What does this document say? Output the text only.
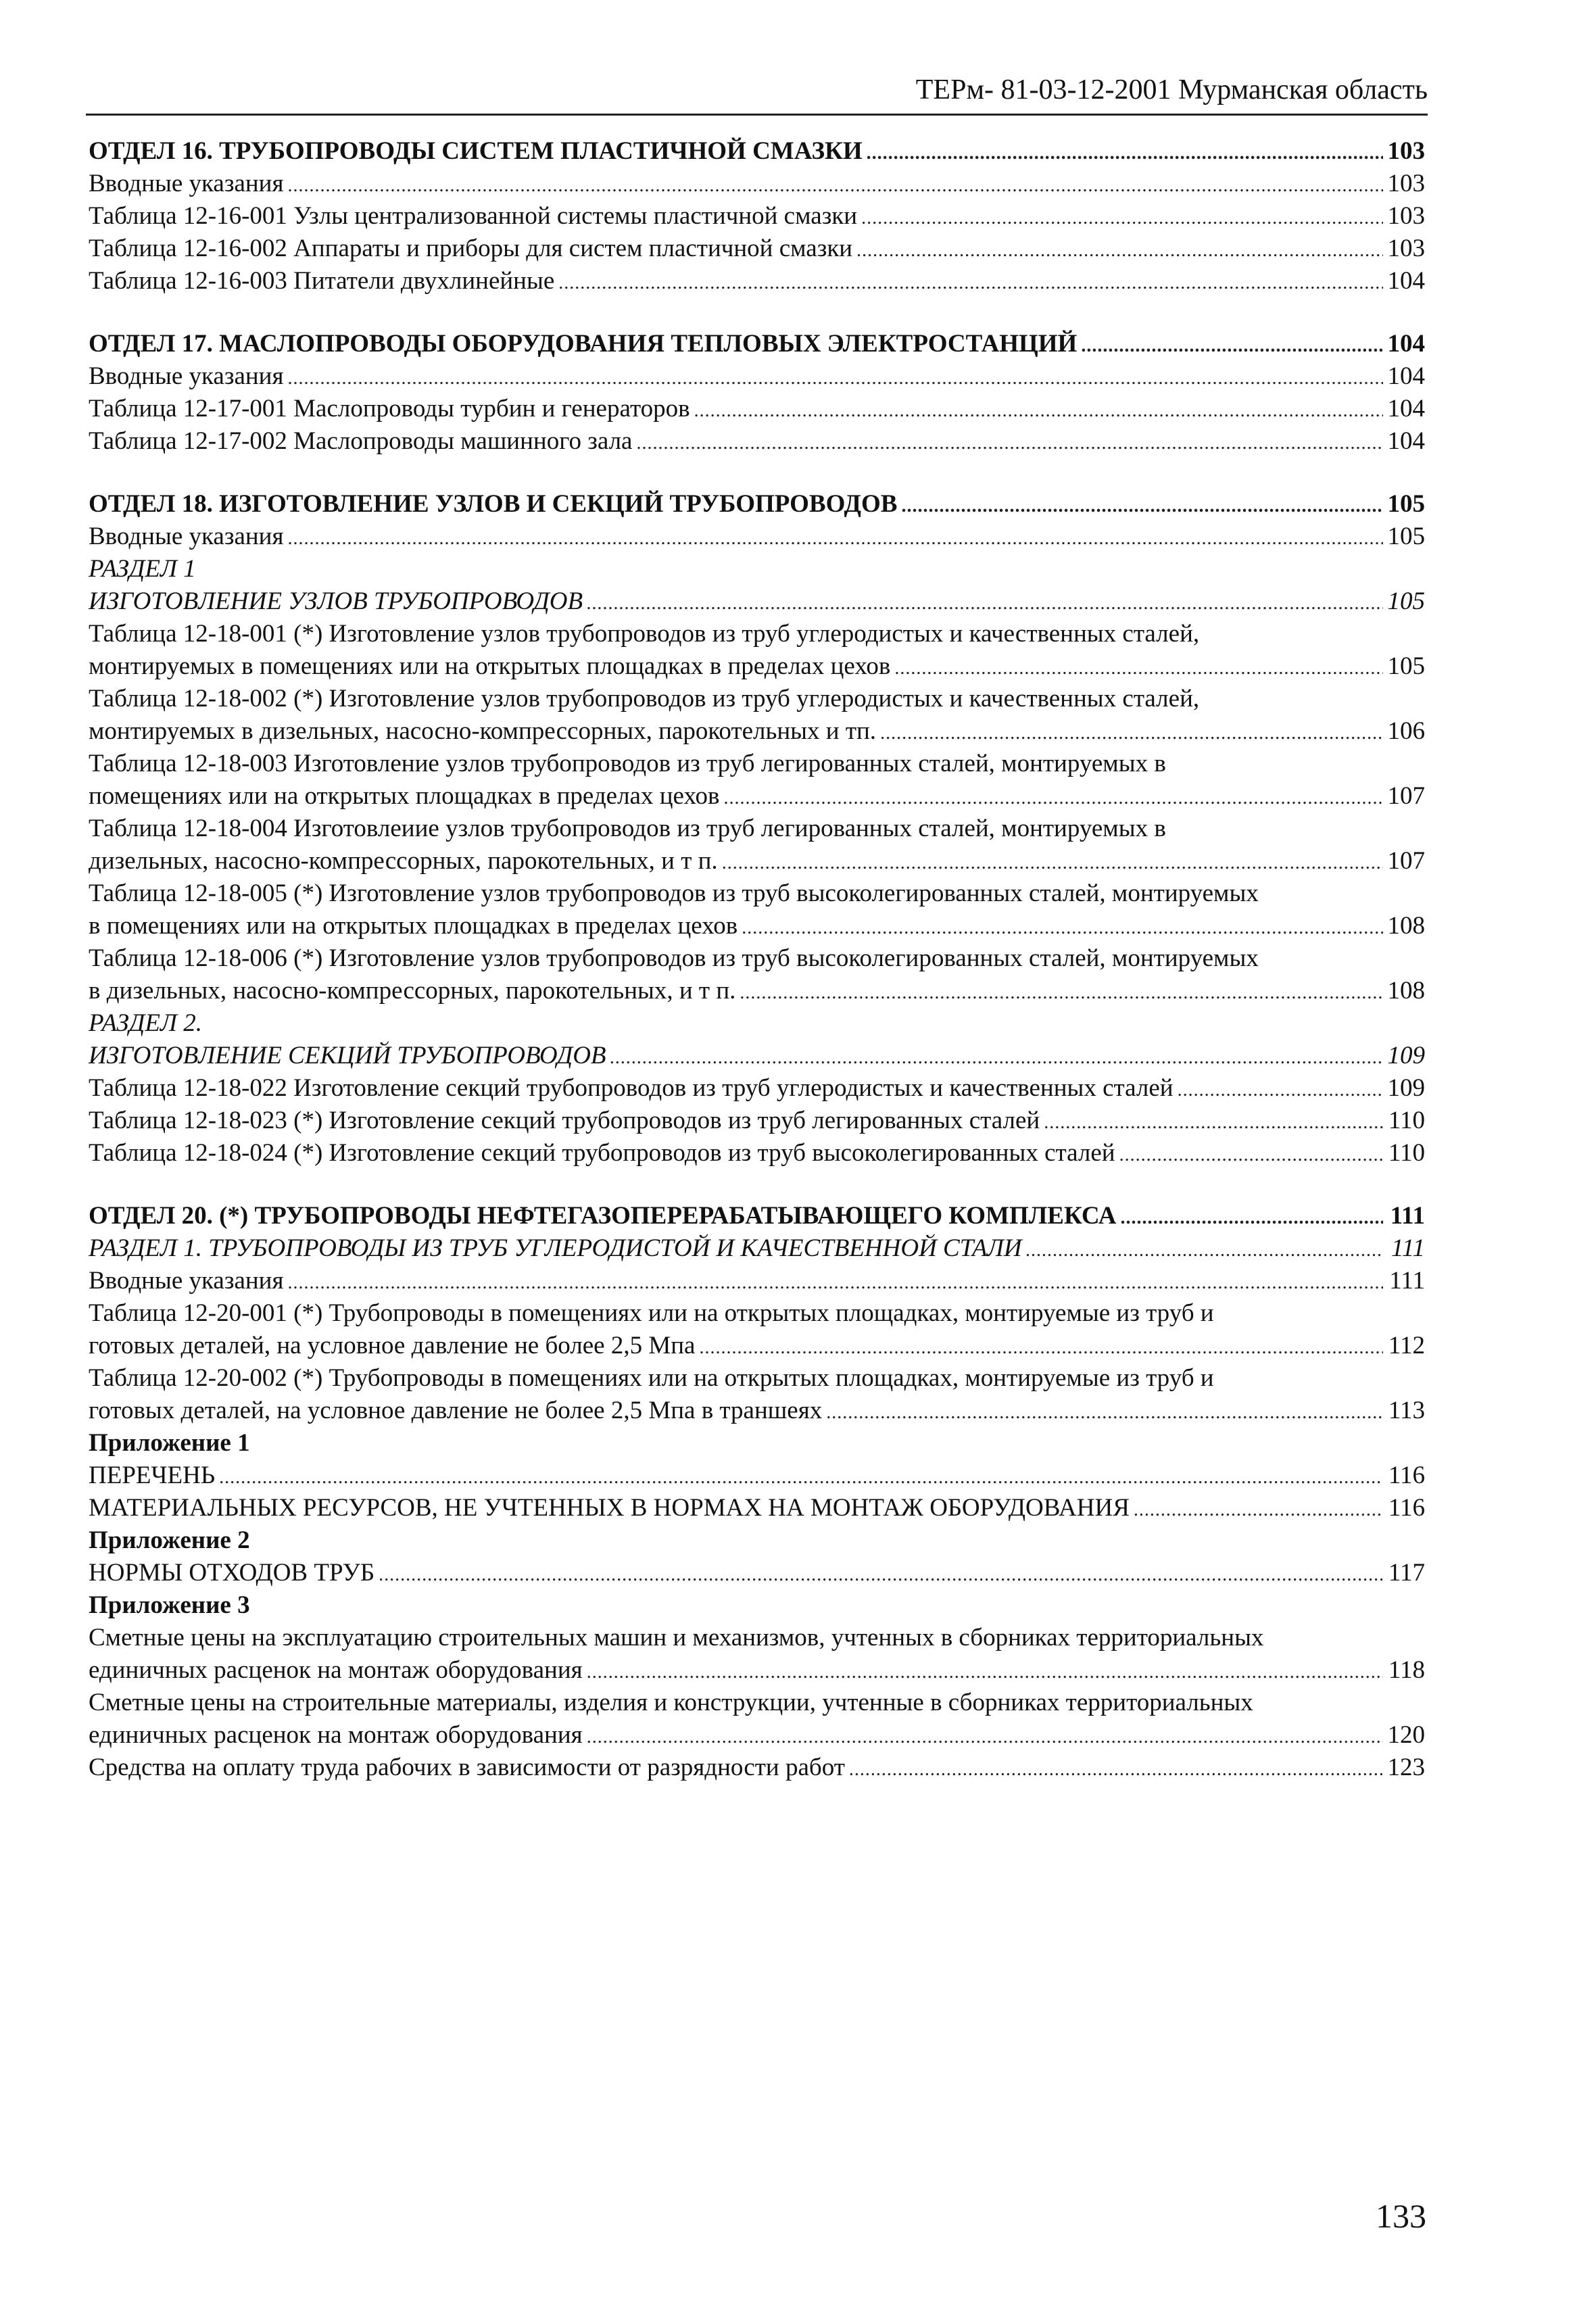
ТЕРм- 81-03-12-2001 Мурманская область
ОТДЕЛ 16. ТРУБОПРОВОДЫ СИСТЕМ ПЛАСТИЧНОЙ СМАЗКИ .....	103
Вводные указания .....	103
Таблица 12-16-001 Узлы централизованной системы пластичной смазки .....	103
Таблица 12-16-002 Аппараты и приборы для систем пластичной смазки .....	103
Таблица 12-16-003 Питатели двухлинейные .....	104
ОТДЕЛ 17. МАСЛОПРОВОДЫ ОБОРУДОВАНИЯ ТЕПЛОВЫХ ЭЛЕКТРОСТАНЦИЙ .....	104
Вводные указания .....	104
Таблица 12-17-001 Маслопроводы турбин и генераторов .....	104
Таблица 12-17-002 Маслопроводы машинного зала .....	104
ОТДЕЛ 18. ИЗГОТОВЛЕНИЕ УЗЛОВ И СЕКЦИЙ ТРУБОПРОВОДОВ .....	105
Вводные указания .....	105
РАЗДЕЛ 1
ИЗГОТОВЛЕНИЕ УЗЛОВ ТРУБОПРОВОДОВ .....	105
Таблица 12-18-001 (*) Изготовление узлов трубопроводов из труб углеродистых и качественных сталей,
монтируемых в помещениях или на открытых площадках в пределах цехов .....	105
Таблица 12-18-002 (*) Изготовление узлов трубопроводов из труб углеродистых и качественных сталей,
монтируемых в дизельных, насосно-компрессорных, парокотельных и тп. .....	106
Таблица 12-18-003 Изготовление узлов трубопроводов из труб легированных сталей, монтируемых в
помещениях или на открытых площадках в пределах цехов .....	107
Таблица 12-18-004 Изготовлеиие узлов трубопроводов из труб легированных сталей, монтируемых в
дизельных, насосно-компрессорных, парокотельных, и т п. .....	107
Таблица 12-18-005 (*) Изготовление узлов трубопроводов из труб высоколегированных сталей, монтируемых
в помещениях или на открытых площадках в пределах цехов .....	108
Таблица 12-18-006 (*) Изготовление узлов трубопроводов из труб высоколегированных сталей, монтируемых
в дизельных, насосно-компрессорных, парокотельных, и т п. .....	108
РАЗДЕЛ 2.
ИЗГОТОВЛЕНИЕ СЕКЦИЙ ТРУБОПРОВОДОВ .....	109
Таблица 12-18-022 Изготовление секций трубопроводов из труб углеродистых и качественных сталей .....	109
Таблица 12-18-023 (*) Изготовление секций трубопроводов из труб легированных сталей .....	110
Таблица 12-18-024 (*) Изготовление секций трубопроводов из труб высоколегированных сталей .....	110
ОТДЕЛ 20. (*) ТРУБОПРОВОДЫ НЕФТЕГАЗОПЕРЕРАБАТЫВАЮЩЕГО КОМПЛЕКСА .....	111
РАЗДЕЛ 1. ТРУБОПРОВОДЫ ИЗ ТРУБ УГЛЕРОДИСТОЙ И КАЧЕСТВЕННОЙ СТАЛИ .....	111
Вводные указания .....	111
Таблица 12-20-001 (*) Трубопроводы в помещениях или на открытых площадках, монтируемые из труб и
готовых деталей, на условное давление не более 2,5 Мпа .....	112
Таблица 12-20-002 (*) Трубопроводы в помещениях или на открытых площадках, монтируемые из труб и
готовых деталей, на условное давление не более 2,5 Мпа в траншеях .....	113
Приложение 1
ПЕРЕЧЕНЬ .....	116
МАТЕРИАЛЬНЫХ РЕСУРСОВ, НЕ УЧТЕННЫХ В НОРМАХ НА МОНТАЖ ОБОРУДОВАНИЯ .....	116
Приложение 2
НОРМЫ ОТХОДОВ ТРУБ .....	117
Приложение 3
Сметные цены на эксплуатацию строительных машин и механизмов, учтенных в сборниках территориальных
единичных расценок на монтаж оборудования .....	118
Сметные цены на строительные материалы, изделия и конструкции, учтенные в сборниках территориальных
единичных расценок на монтаж оборудования .....	120
Средства на оплату труда рабочих в зависимости от разрядности работ .....	123
133
